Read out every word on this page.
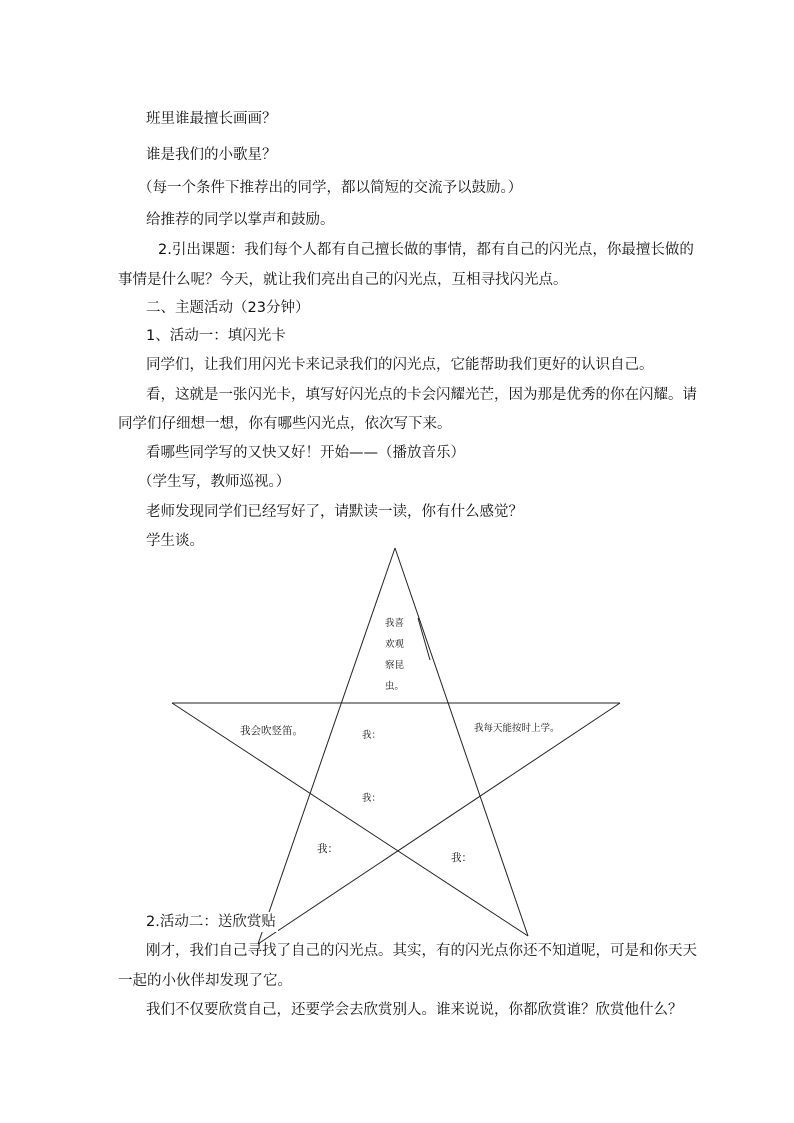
班里谁最擅长画画？
谁是我们的小歌星？
（每一个条件下推荐出的同学，都以简短的交流予以鼓励。）
给推荐的同学以掌声和鼓励。
2.引出课题：我们每个人都有自己擅长做的事情，都有自己的闪光点，你最擅长做的
事情是什么呢？今天，就让我们亮出自己的闪光点，互相寻找闪光点。
二、主题活动（23分钟）
1、活动一：填闪光卡
同学们，让我们用闪光卡来记录我们的闪光点，它能帮助我们更好的认识自己。
看，这就是一张闪光卡，填写好闪光点的卡会闪耀光芒，因为那是优秀的你在闪耀。请
同学们仔细想一想，你有哪些闪光点，依次写下来。
看哪些同学写的又快又好！开始——（播放音乐）
（学生写，教师巡视。）
老师发现同学们已经写好了，请默读一读，你有什么感觉？
学生谈。
我喜
欢观
察昆
虫。
我会吹竖笛。	我每天能按时上学。
我：
我：
我：
我：
2.活动二：送欣赏贴
刚才，我们自己寻找了自己的闪光点。其实，有的闪光点你还不知道呢，可是和你天天
一起的小伙伴却发现了它。
我们不仅要欣赏自己，还要学会去欣赏别人。谁来说说，你都欣赏谁？欣赏他什么？
